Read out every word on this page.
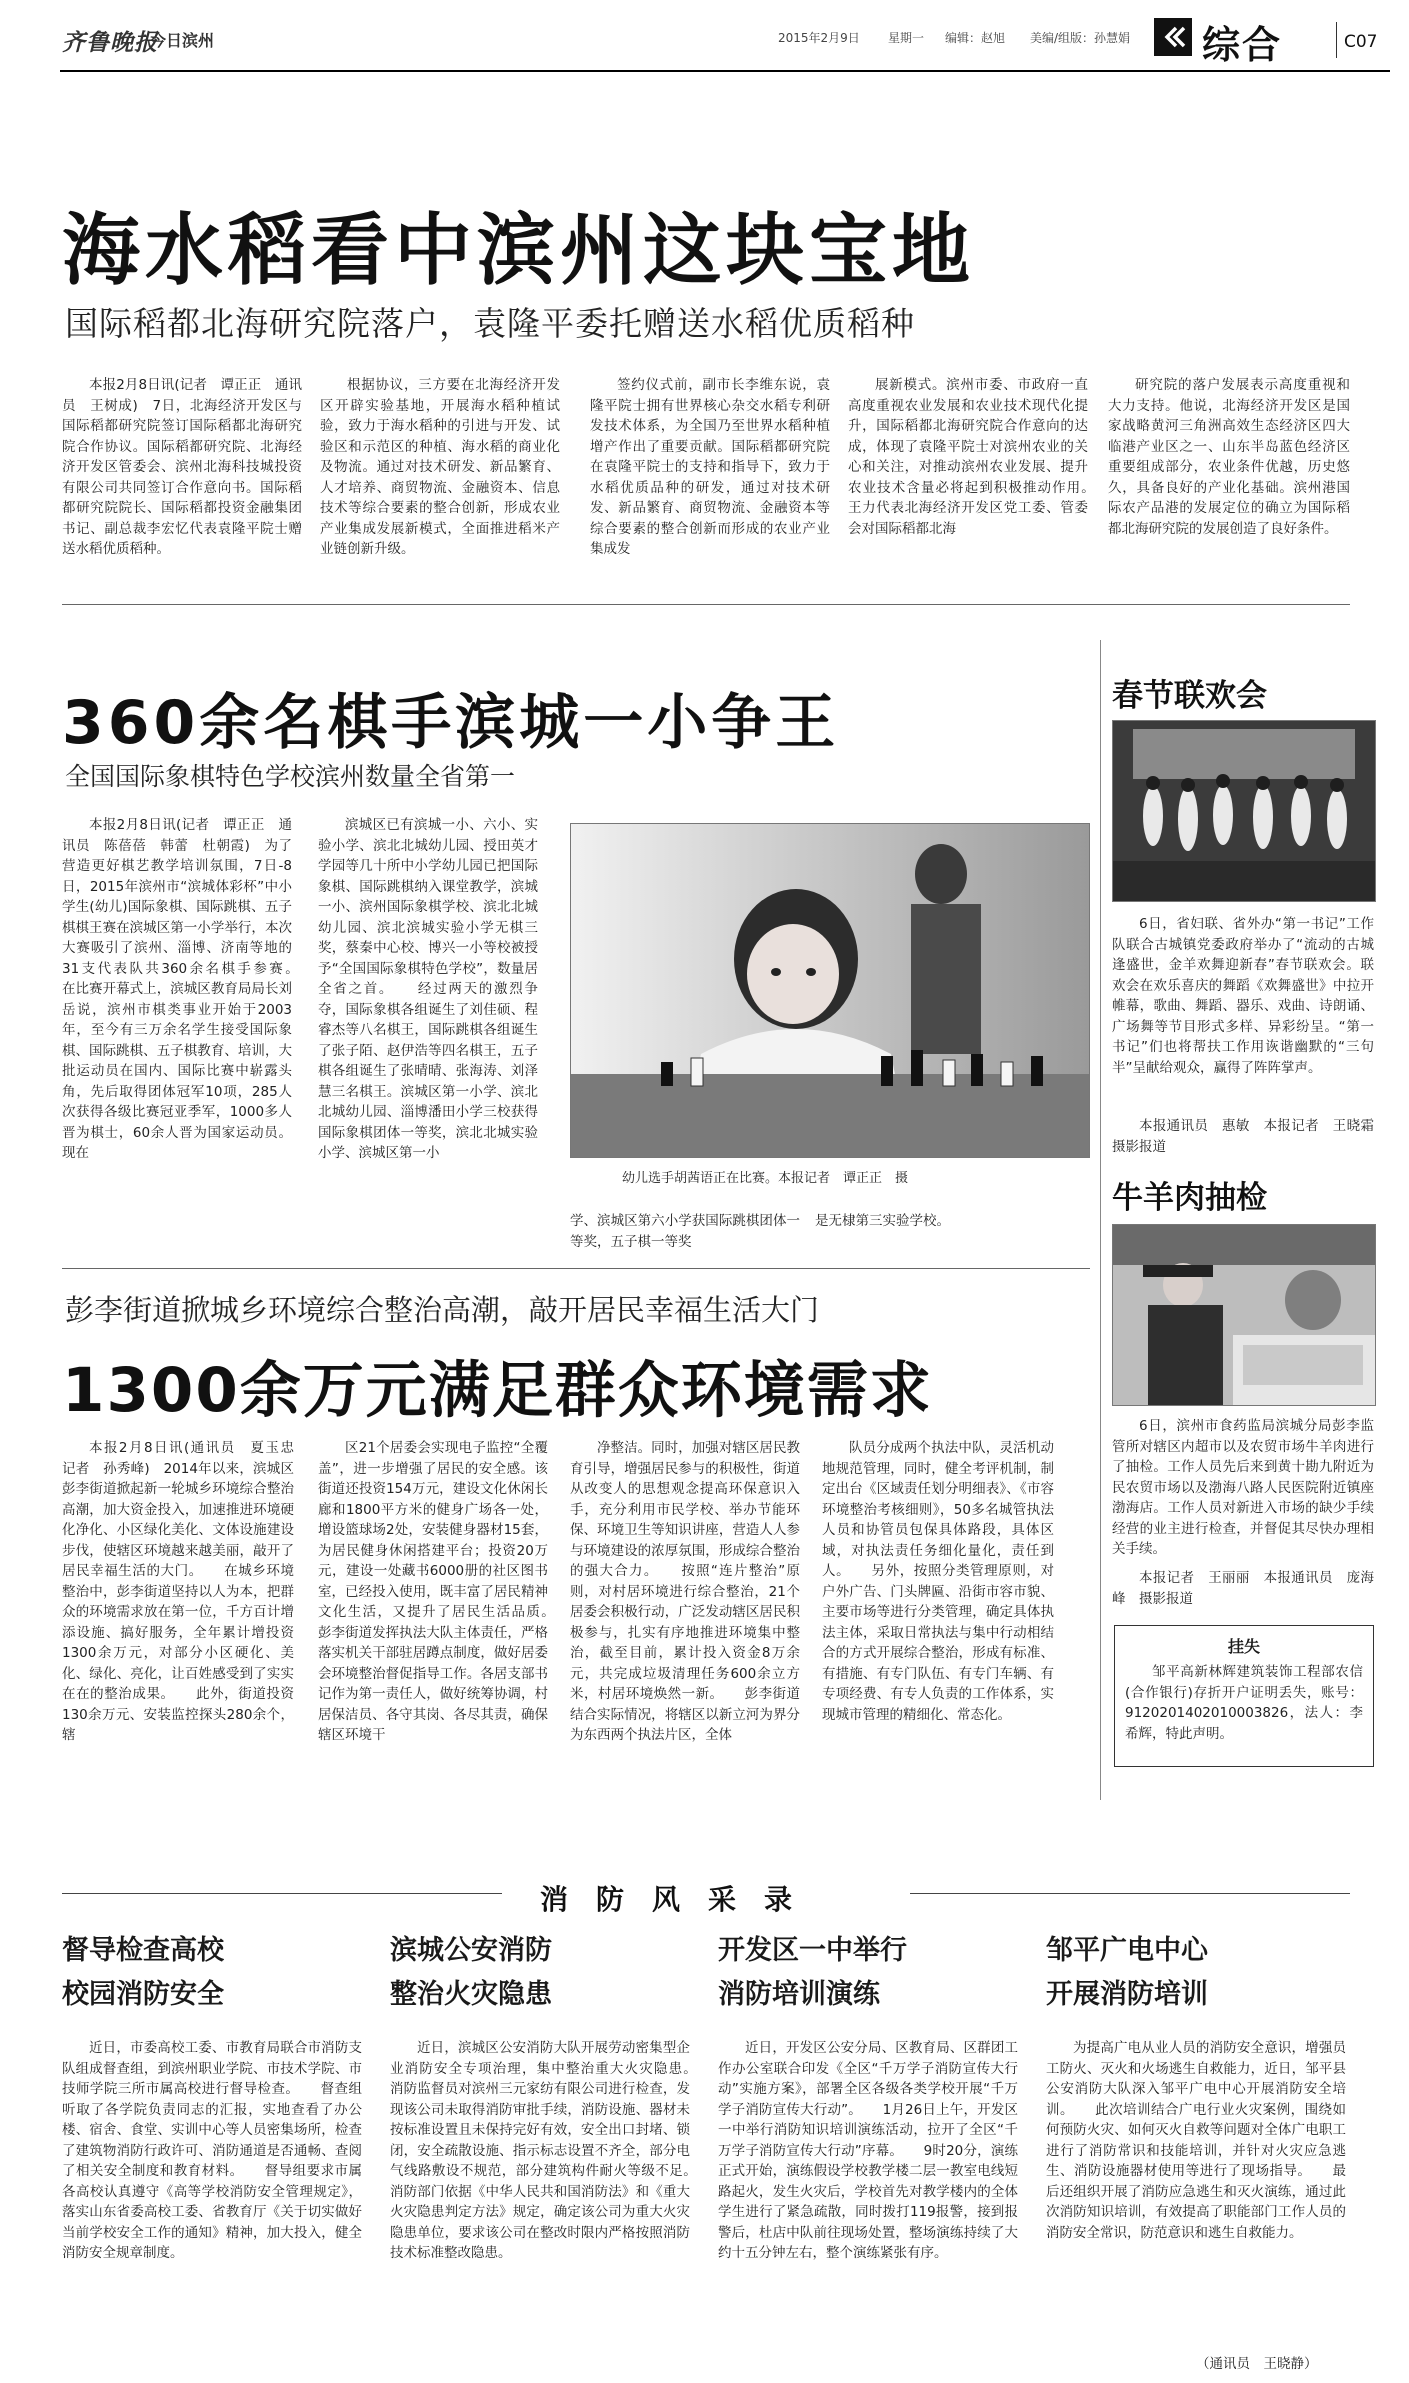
齐鲁晚报
今日滨州	2015年2月9日 星期一 编辑：赵旭 美编/组版：孙慧娟 综合	C07
海水稻看中滨州这块宝地
国际稻都北海研究院落户，袁隆平委托赠送水稻优质稻种

本报2月8日讯(记者　谭正正　通讯员　王树成)　7日，北海经济开发区与国际稻都研究院签订国际稻都北海研究院合作协议。国际稻都研究院、北海经济开发区管委会、滨州北海科技城投资有限公司共同签订合作意向书。国际稻都研究院院长、国际稻都投资金融集团书记、副总裁李宏忆代表袁隆平院士赠送水稻优质稻种。

根据协议，三方要在北海经济开发区开辟实验基地，开展海水稻种植试验，致力于海水稻种的引进与开发、试验区和示范区的种植、海水稻的商业化及物流。通过对技术研发、新品繁育、人才培养、商贸物流、金融资本、信息技术等综合要素的整合创新，形成农业产业集成发展新模式，全面推进稻米产业链创新升级。

签约仪式前，副市长李维东说，袁隆平院士拥有世界核心杂交水稻专利研发技术体系，为全国乃至世界水稻种植增产作出了重要贡献。国际稻都研究院在袁隆平院士的支持和指导下，致力于水稻优质品种的研发，通过对技术研发、新品繁育、商贸物流、金融资本等综合要素的整合创新而形成的农业产业集成发

展新模式。滨州市委、市政府一直高度重视农业发展和农业技术现代化提升，国际稻都北海研究院合作意向的达成，体现了袁隆平院士对滨州农业的关心和关注，对推动滨州农业发展、提升农业技术含量必将起到积极推动作用。　　王力代表北海经济开发区党工委、管委会对国际稻都北海

研究院的落户发展表示高度重视和大力支持。他说，北海经济开发区是国家战略黄河三角洲高效生态经济区四大临港产业区之一、山东半岛蓝色经济区重要组成部分，农业条件优越，历史悠久，具备良好的产业化基础。滨州港国际农产品港的发展定位的确立为国际稻都北海研究院的发展创造了良好条件。

360余名棋手滨城一小争王
全国国际象棋特色学校滨州数量全省第一

本报2月8日讯(记者　谭正正　通讯员　陈蓓蓓　韩蕾　杜朝霞)　为了营造更好棋艺教学培训氛围，7日-8日，2015年滨州市“滨城体彩杯”中小学生(幼儿)国际象棋、国际跳棋、五子棋棋王赛在滨城区第一小学举行，本次大赛吸引了滨州、淄博、济南等地的31支代表队共360余名棋手参赛。　　在比赛开幕式上，滨城区教育局局长刘岳说，滨州市棋类事业开始于2003年，至今有三万余名学生接受国际象棋、国际跳棋、五子棋教育、培训，大批运动员在国内、国际比赛中崭露头角，先后取得团体冠军10项，285人次获得各级比赛冠亚季军，1000多人晋为棋士，60余人晋为国家运动员。现在

滨城区已有滨城一小、六小、实验小学、滨北北城幼儿园、授田英才学园等几十所中小学幼儿园已把国际象棋、国际跳棋纳入课堂教学，滨城一小、滨州国际象棋学校、滨北北城幼儿园、滨北滨城实验小学无棋三奖，蔡秦中心校、博兴一小等校被授予“全国国际象棋特色学校”，数量居全省之首。　　经过两天的激烈争夺，国际象棋各组诞生了刘佳硕、程睿杰等八名棋王，国际跳棋各组诞生了张子陌、赵伊浩等四名棋王，五子棋各组诞生了张晴晴、张海涛、刘泽慧三名棋王。滨城区第一小学、滨北北城幼儿园、淄博潘田小学三校获得国际象棋团体一等奖，滨北北城实验小学、滨城区第一小

幼儿选手胡茜语正在比赛。本报记者　谭正正　摄

学、滨城区第六小学获国际跳棋团体一等奖，五子棋一等奖

是无棣第三实验学校。

春节联欢会

6日，省妇联、省外办“第一书记”工作队联合古城镇党委政府举办了“流动的古城逢盛世，金羊欢舞迎新春”春节联欢会。联欢会在欢乐喜庆的舞蹈《欢舞盛世》中拉开帷幕，歌曲、舞蹈、器乐、戏曲、诗朗诵、广场舞等节目形式多样、异彩纷呈。“第一书记”们也将帮扶工作用诙谐幽默的“三句半”呈献给观众，赢得了阵阵掌声。

本报通讯员　惠敏　本报记者　王晓霜　摄影报道
牛羊肉抽检

6日，滨州市食药监局滨城分局彭李监管所对辖区内超市以及农贸市场牛羊肉进行了抽检。工作人员先后来到黄十勘九附近为民农贸市场以及渤海八路人民医院附近镇座渤海店。工作人员对新进入市场的缺少手续经营的业主进行检查，并督促其尽快办理相关手续。

本报记者　王丽丽　本报通讯员　庞海峰　摄影报道
挂失

邹平高新林辉建筑装饰工程部农信(合作银行)存折开户证明丢失，账号：9120201402010003826，法人：李希辉，特此声明。

彭李街道掀城乡环境综合整治高潮，敲开居民幸福生活大门
1300余万元满足群众环境需求

本报2月8日讯(通讯员　夏玉忠　记者　孙秀峰)　2014年以来，滨城区彭李街道掀起新一轮城乡环境综合整治高潮，加大资金投入，加速推进环境硬化净化、小区绿化美化、文体设施建设步伐，使辖区环境越来越美丽，敲开了居民幸福生活的大门。　　在城乡环境整治中，彭李街道坚持以人为本，把群众的环境需求放在第一位，千方百计增添设施、搞好服务，全年累计增投资1300余万元，对部分小区硬化、美化、绿化、亮化，让百姓感受到了实实在在的整治成果。　　此外，街道投资130余万元、安装监控探头280余个，辖

区21个居委会实现电子监控“全覆盖”，进一步增强了居民的安全感。该街道还投资154万元，建设文化休闲长廊和1800平方米的健身广场各一处，增设篮球场2处，安装健身器材15套，为居民健身休闲搭建平台；投资20万元，建设一处藏书6000册的社区图书室，已经投入使用，既丰富了居民精神文化生活，又提升了居民生活品质。　　彭李街道发挥执法大队主体责任，严格落实机关干部驻居蹲点制度，做好居委会环境整治督促指导工作。各居支部书记作为第一责任人，做好统筹协调，村居保洁员、各守其岗、各尽其责，确保辖区环境干

净整洁。同时，加强对辖区居民教育引导，增强居民参与的积极性，街道从改变人的思想观念提高环保意识入手，充分利用市民学校、举办节能环保、环境卫生等知识讲座，营造人人参与环境建设的浓厚氛围，形成综合整治的强大合力。　　按照“连片整治”原则，对村居环境进行综合整治，21个居委会积极行动，广泛发动辖区居民积极参与，扎实有序地推进环境集中整治，截至目前，累计投入资金8万余元，共完成垃圾清理任务600余立方米，村居环境焕然一新。　　彭李街道结合实际情况，将辖区以新立河为界分为东西两个执法片区，全体

队员分成两个执法中队，灵活机动地规范管理，同时，健全考评机制，制定出台《区域责任划分明细表》、《市容环境整治考核细则》，50多名城管执法人员和协管员包保具体路段，具体区域，对执法责任务细化量化，责任到人。　　另外，按照分类管理原则，对户外广告、门头牌匾、沿街市容市貌、主要市场等进行分类管理，确定具体执法主体，采取日常执法与集中行动相结合的方式开展综合整治，形成有标准、有措施、有专门队伍、有专门车辆、有专项经费、有专人负责的工作体系，实现城市管理的精细化、常态化。

消　防　风　采　录
督导检查高校
校园消防安全

近日，市委高校工委、市教育局联合市消防支队组成督查组，到滨州职业学院、市技术学院、市技师学院三所市属高校进行督导检查。　　督查组听取了各学院负责同志的汇报，实地查看了办公楼、宿舍、食堂、实训中心等人员密集场所，检查了建筑物消防行政许可、消防通道是否通畅、查阅了相关安全制度和教育材料。　　督导组要求市属各高校认真遵守《高等学校消防安全管理规定》，落实山东省委高校工委、省教育厅《关于切实做好当前学校安全工作的通知》精神，加大投入，健全消防安全规章制度。

滨城公安消防
整治火灾隐患

近日，滨城区公安消防大队开展劳动密集型企业消防安全专项治理，集中整治重大火灾隐患。　　消防监督员对滨州三元家纺有限公司进行检查，发现该公司未取得消防审批手续，消防设施、器材未按标准设置且未保持完好有效，安全出口封堵、锁闭，安全疏散设施、指示标志设置不齐全，部分电气线路敷设不规范，部分建筑构件耐火等级不足。　　消防部门依据《中华人民共和国消防法》和《重大火灾隐患判定方法》规定，确定该公司为重大火灾隐患单位，要求该公司在整改时限内严格按照消防技术标准整改隐患。

开发区一中举行
消防培训演练

近日，开发区公安分局、区教育局、区群团工作办公室联合印发《全区“千万学子消防宣传大行动”实施方案》，部署全区各级各类学校开展“千万学子消防宣传大行动”。　　1月26日上午，开发区一中举行消防知识培训演练活动，拉开了全区“千万学子消防宣传大行动”序幕。　　9时20分，演练正式开始，演练假设学校教学楼二层一教室电线短路起火，发生火灾后，学校首先对教学楼内的全体学生进行了紧急疏散，同时拨打119报警，接到报警后，杜店中队前往现场处置，整场演练持续了大约十五分钟左右，整个演练紧张有序。

邹平广电中心
开展消防培训

为提高广电从业人员的消防安全意识，增强员工防火、灭火和火场逃生自救能力，近日，邹平县公安消防大队深入邹平广电中心开展消防安全培训。　　此次培训结合广电行业火灾案例，围绕如何预防火灾、如何灭火自救等问题对全体广电职工进行了消防常识和技能培训，并针对火灾应急逃生、消防设施器材使用等进行了现场指导。　　最后还组织开展了消防应急逃生和灭火演练，通过此次消防知识培训，有效提高了职能部门工作人员的消防安全常识，防范意识和逃生自救能力。

（通讯员　王晓静）
